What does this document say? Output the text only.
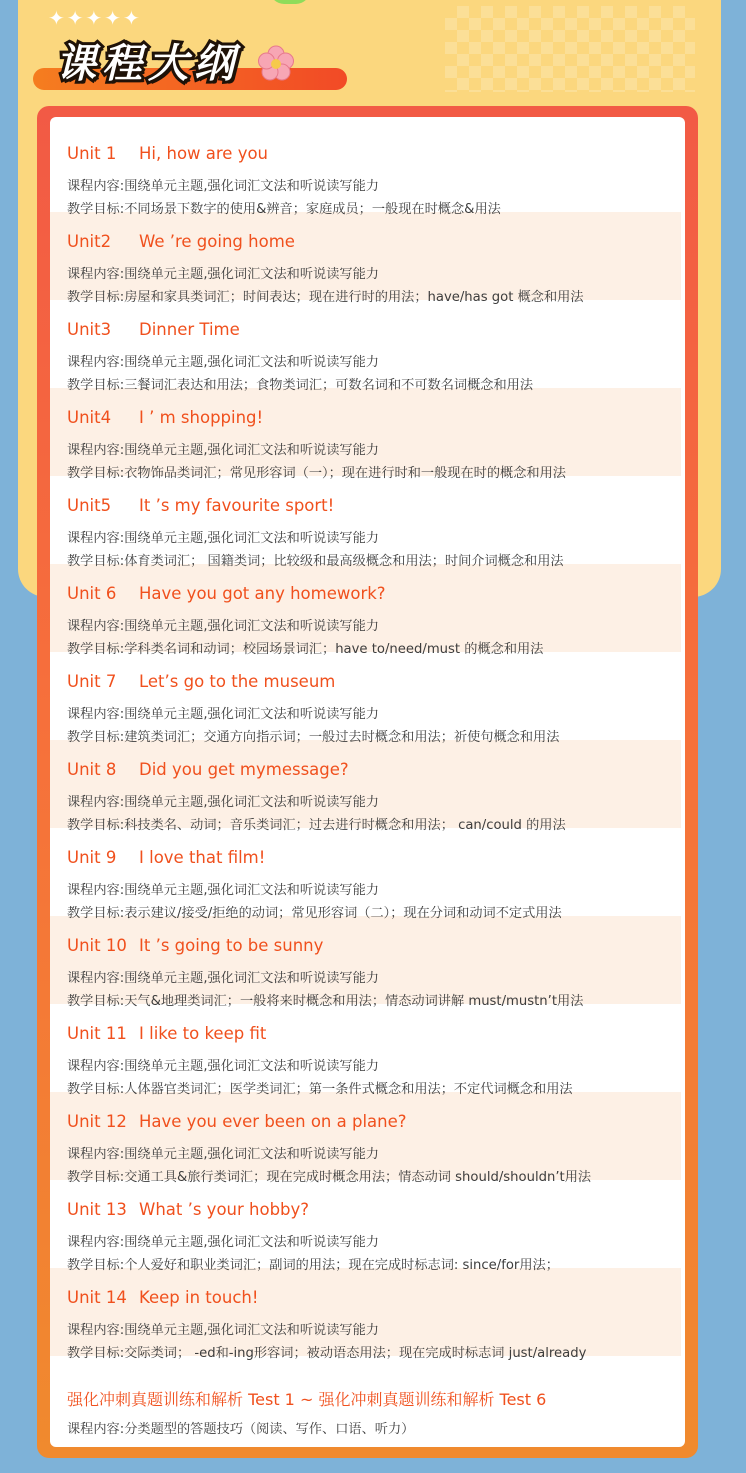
✦✦✦✦✦
课程大纲
Unit 14 Keep in touch!
课程内容:围绕单元主题,强化词汇文法和听说读写能力
教学目标:交际类词； -ed和-ing形容词；被动语态用法；现在完成时标志词 just/already
Unit 13 What ’s your hobby?
课程内容:围绕单元主题,强化词汇文法和听说读写能力
教学目标:个人爱好和职业类词汇；副词的用法；现在完成时标志词: since/for用法；
Unit 12 Have you ever been on a plane?
课程内容:围绕单元主题,强化词汇文法和听说读写能力
教学目标:交通工具&旅行类词汇；现在完成时概念用法；情态动词 should/shouldn’t用法
Unit 11 I like to keep fit
课程内容:围绕单元主题,强化词汇文法和听说读写能力
教学目标:人体器官类词汇；医学类词汇；第一条件式概念和用法；不定代词概念和用法
Unit 10 It ’s going to be sunny
课程内容:围绕单元主题,强化词汇文法和听说读写能力
教学目标:天气&地理类词汇；一般将来时概念和用法；情态动词讲解 must/mustn’t用法
Unit 9 I love that film!
课程内容:围绕单元主题,强化词汇文法和听说读写能力
教学目标:表示建议/接受/拒绝的动词；常见形容词（二）；现在分词和动词不定式用法
Unit 8 Did you get mymessage?
课程内容:围绕单元主题,强化词汇文法和听说读写能力
教学目标:科技类名、动词；音乐类词汇；过去进行时概念和用法； can/could 的用法
Unit 7 Let’s go to the museum
课程内容:围绕单元主题,强化词汇文法和听说读写能力
教学目标:建筑类词汇；交通方向指示词；一般过去时概念和用法；祈使句概念和用法
Unit 6 Have you got any homework?
课程内容:围绕单元主题,强化词汇文法和听说读写能力
教学目标:学科类名词和动词；校园场景词汇；have to/need/must 的概念和用法
Unit5 It ’s my favourite sport!
课程内容:围绕单元主题,强化词汇文法和听说读写能力
教学目标:体育类词汇； 国籍类词；比较级和最高级概念和用法；时间介词概念和用法
Unit4 I ’ m shopping!
课程内容:围绕单元主题,强化词汇文法和听说读写能力
教学目标:衣物饰品类词汇；常见形容词（一）；现在进行时和一般现在时的概念和用法
Unit3 Dinner Time
课程内容:围绕单元主题,强化词汇文法和听说读写能力
教学目标:三餐词汇表达和用法；食物类词汇；可数名词和不可数名词概念和用法
Unit2 We ’re going home
课程内容:围绕单元主题,强化词汇文法和听说读写能力
教学目标:房屋和家具类词汇；时间表达；现在进行时的用法；have/has got 概念和用法
Unit 1 Hi, how are you
课程内容:围绕单元主题,强化词汇文法和听说读写能力
教学目标:不同场景下数字的使用&辨音；家庭成员；一般现在时概念&用法
强化冲刺真题训练和解析 Test 1 ~ 强化冲刺真题训练和解析 Test 6
课程内容:分类题型的答题技巧（阅读、写作、口语、听力）
